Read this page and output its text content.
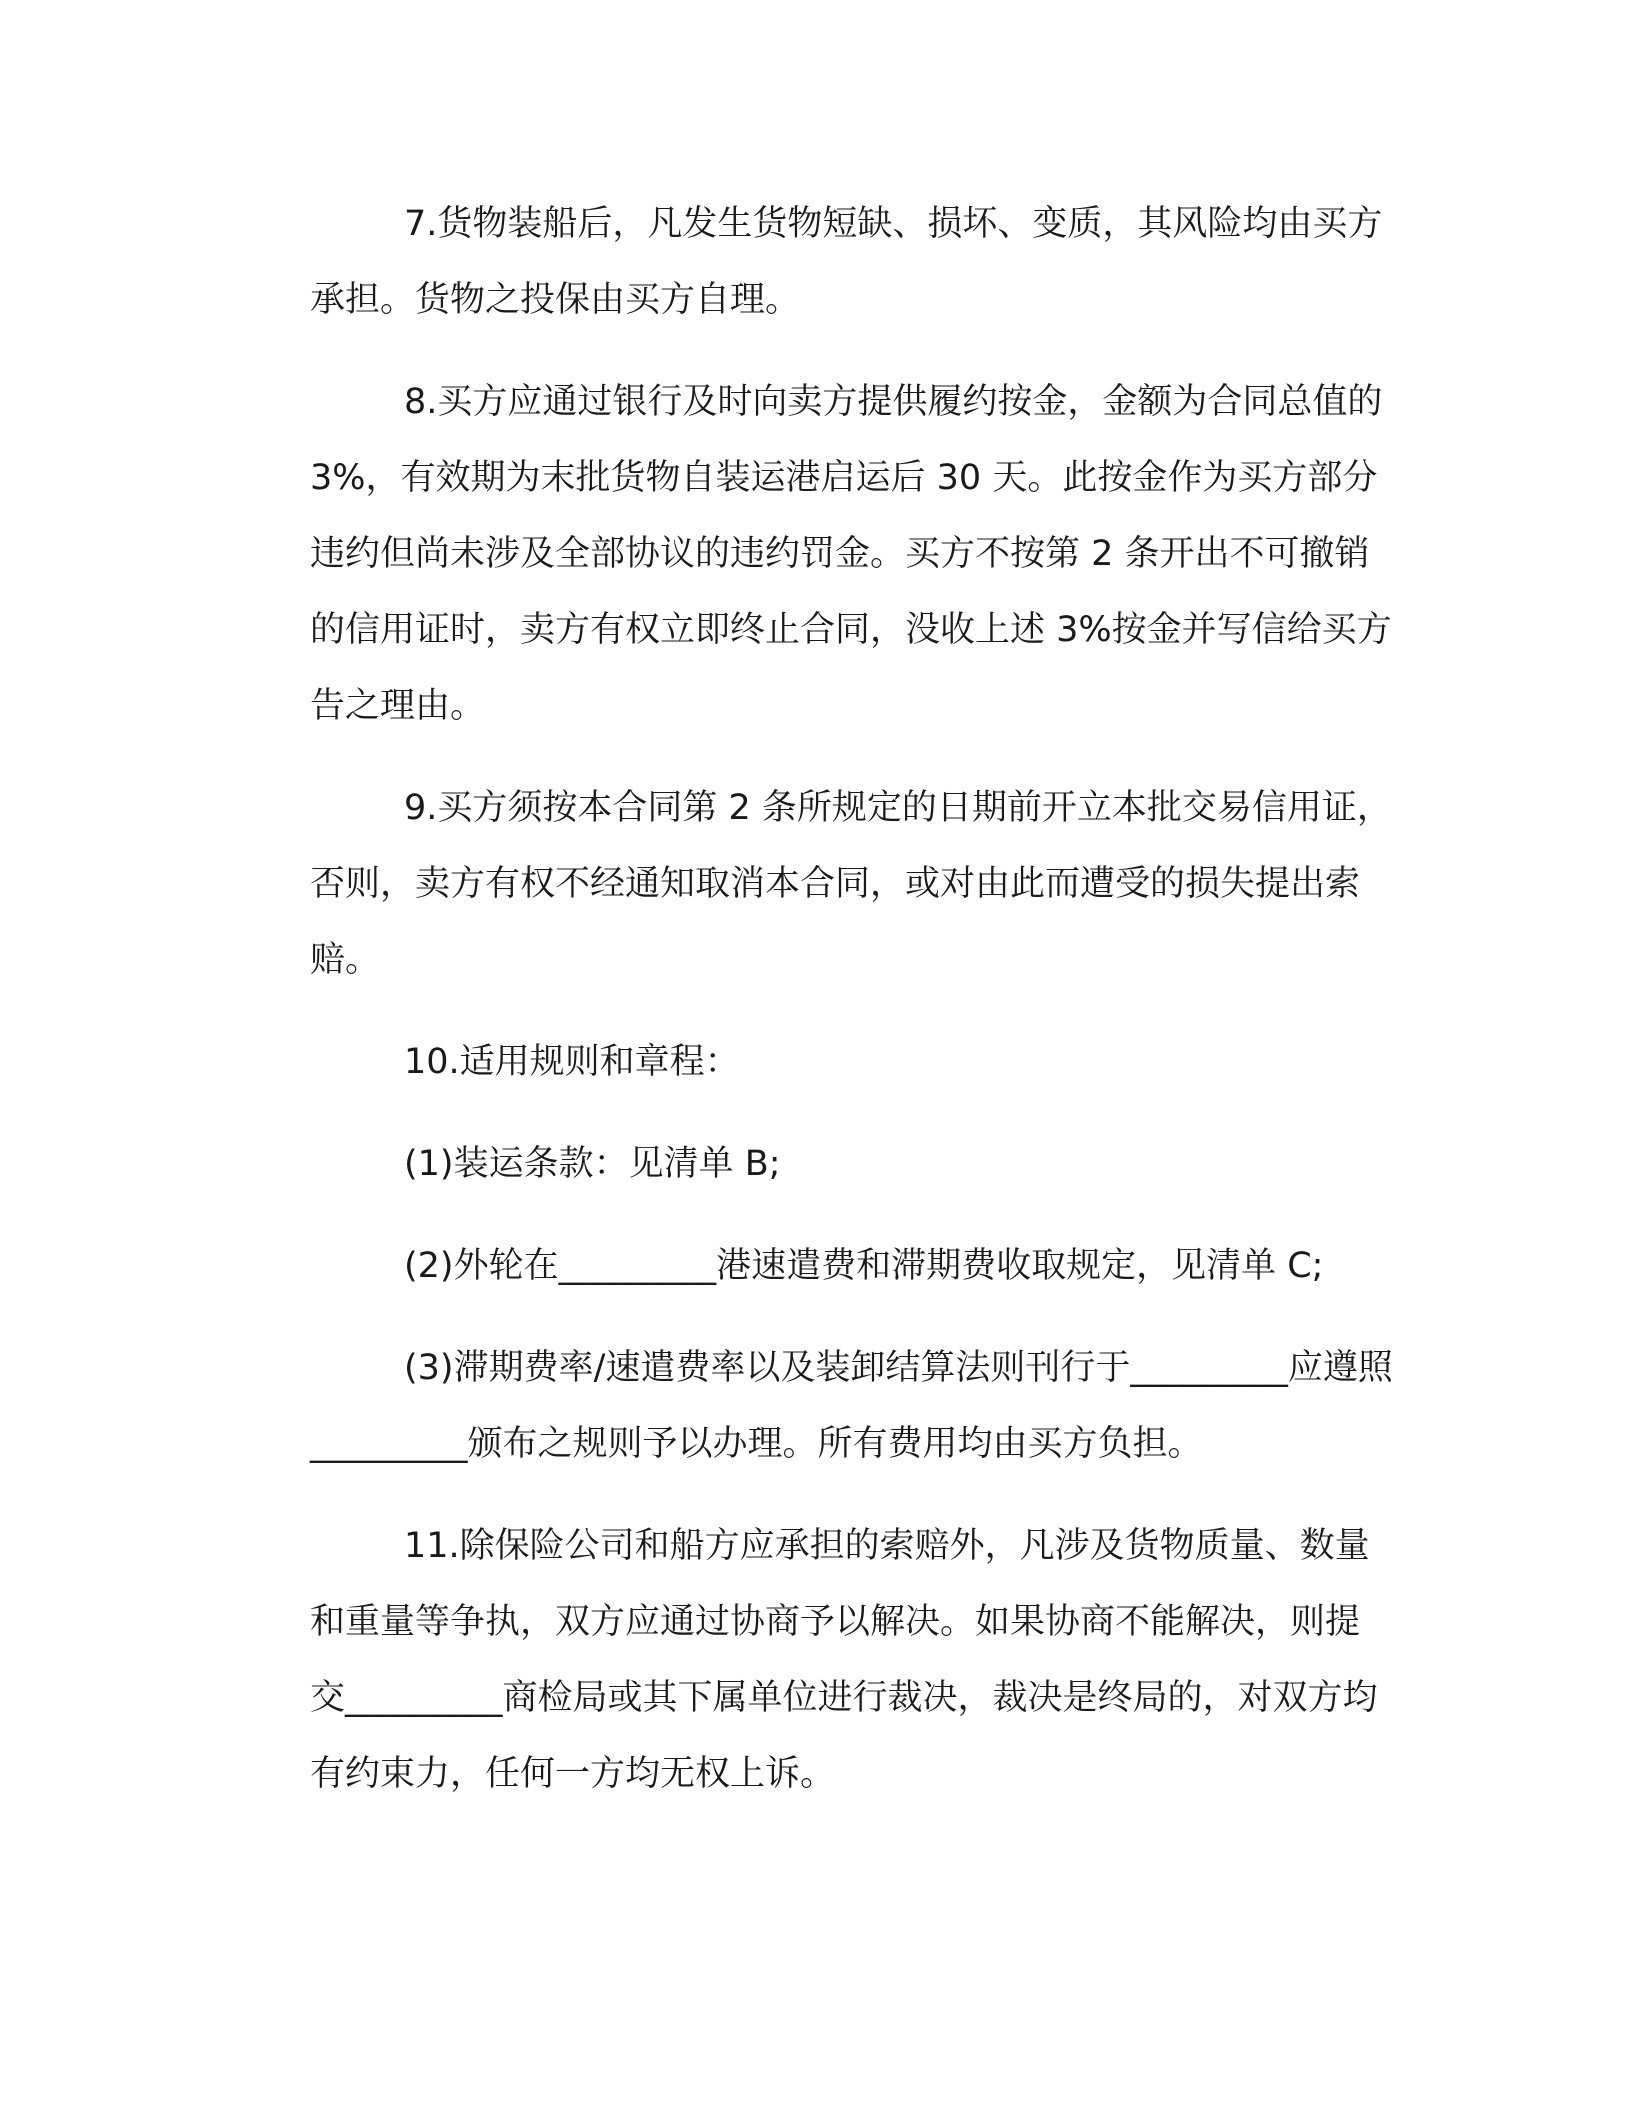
7.货物装船后，凡发生货物短缺、损坏、变质，其风险均由买方
承担。货物之投保由买方自理。
8.买方应通过银行及时向卖方提供履约按金，金额为合同总值的
3%，有效期为末批货物自装运港启运后 30 天。此按金作为买方部分
违约但尚未涉及全部协议的违约罚金。买方不按第 2 条开出不可撤销
的信用证时，卖方有权立即终止合同，没收上述 3%按金并写信给买方
告之理由。
9.买方须按本合同第 2 条所规定的日期前开立本批交易信用证，
否则，卖方有权不经通知取消本合同，或对由此而遭受的损失提出索
赔。
10.适用规则和章程：
(1)装运条款：见清单 B;
(2)外轮在_________港速遣费和滞期费收取规定，见清单 C;
(3)滞期费率/速遣费率以及装卸结算法则刊行于_________应遵照
_________颁布之规则予以办理。所有费用均由买方负担。
11.除保险公司和船方应承担的索赔外，凡涉及货物质量、数量
和重量等争执，双方应通过协商予以解决。如果协商不能解决，则提
交_________商检局或其下属单位进行裁决，裁决是终局的，对双方均
有约束力，任何一方均无权上诉。
